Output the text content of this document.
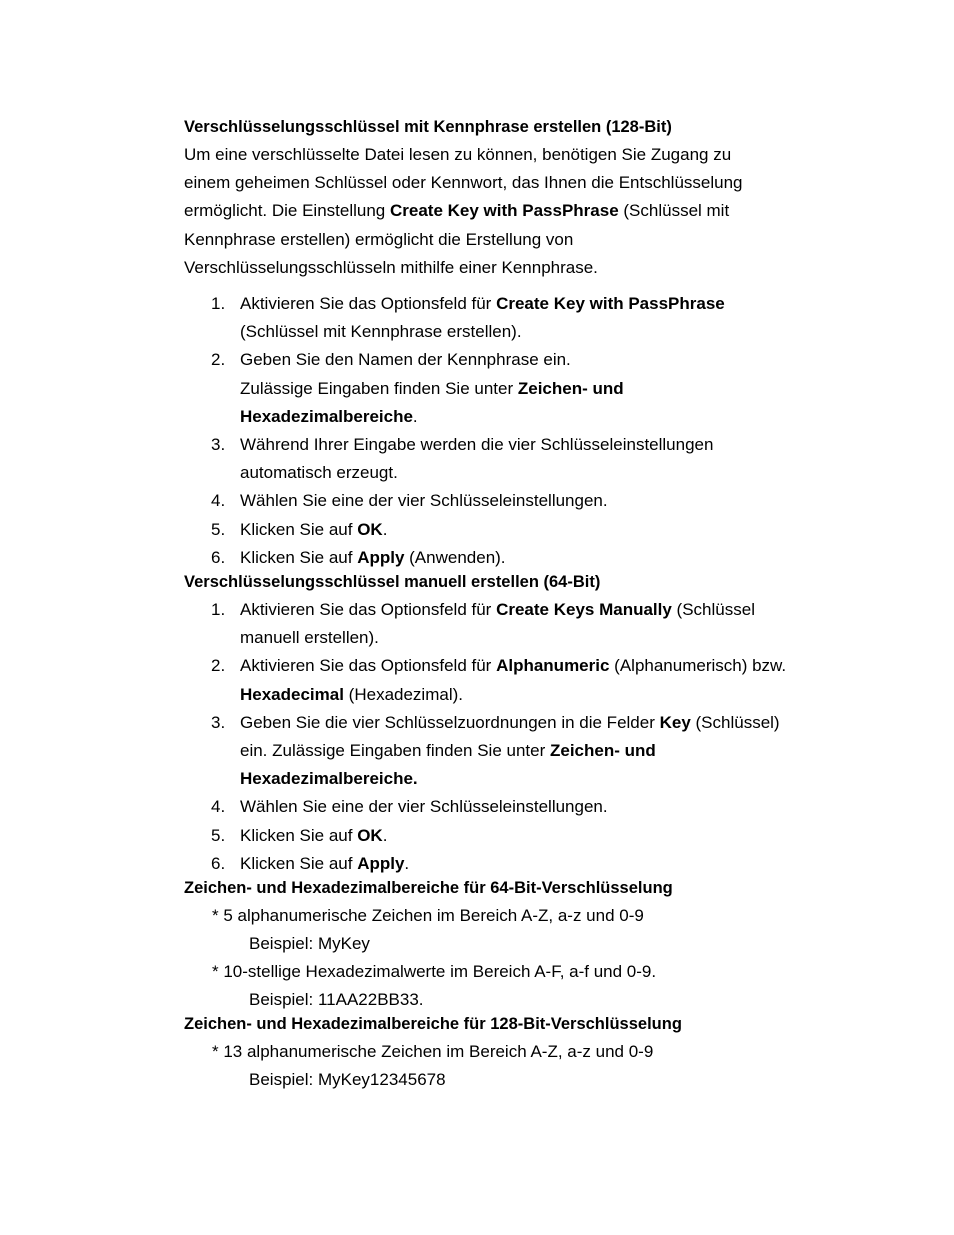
Verschlüsselungsschlüssel mit Kennphrase erstellen (128-Bit)

Um eine verschlüsselte Datei lesen zu können, benötigen Sie Zugang zu
einem geheimen Schlüssel oder Kennwort, das Ihnen die Entschlüsselung
ermöglicht. Die Einstellung Create Key with PassPhrase (Schlüssel mit
Kennphrase erstellen) ermöglicht die Erstellung von
Verschlüsselungsschlüsseln mithilfe einer Kennphrase.
1. Aktivieren Sie das Optionsfeld für Create Key with PassPhrase
(Schlüssel mit Kennphrase erstellen).
2. Geben Sie den Namen der Kennphrase ein.
Zulässige Eingaben finden Sie unter Zeichen- und
Hexadezimalbereiche.
3. Während Ihrer Eingabe werden die vier Schlüsseleinstellungen
automatisch erzeugt.
4. Wählen Sie eine der vier Schlüsseleinstellungen.
5. Klicken Sie auf OK.
6. Klicken Sie auf Apply (Anwenden).

Verschlüsselungsschlüssel manuell erstellen (64-Bit)

1. Aktivieren Sie das Optionsfeld für Create Keys Manually (Schlüssel
manuell erstellen).
2. Aktivieren Sie das Optionsfeld für Alphanumeric (Alphanumerisch) bzw.
Hexadecimal (Hexadezimal).
3. Geben Sie die vier Schlüsselzuordnungen in die Felder Key (Schlüssel)
ein. Zulässige Eingaben finden Sie unter Zeichen- und
Hexadezimalbereiche.
4. Wählen Sie eine der vier Schlüsseleinstellungen.
5. Klicken Sie auf OK.
6. Klicken Sie auf Apply.

Zeichen- und Hexadezimalbereiche für 64-Bit-Verschlüsselung

* 5 alphanumerische Zeichen im Bereich A-Z, a-z und 0-9
Beispiel: MyKey
* 10-stellige Hexadezimalwerte im Bereich A-F, a-f und 0-9.
Beispiel: 11AA22BB33.

Zeichen- und Hexadezimalbereiche für 128-Bit-Verschlüsselung

* 13 alphanumerische Zeichen im Bereich A-Z, a-z und 0-9
Beispiel: MyKey12345678
